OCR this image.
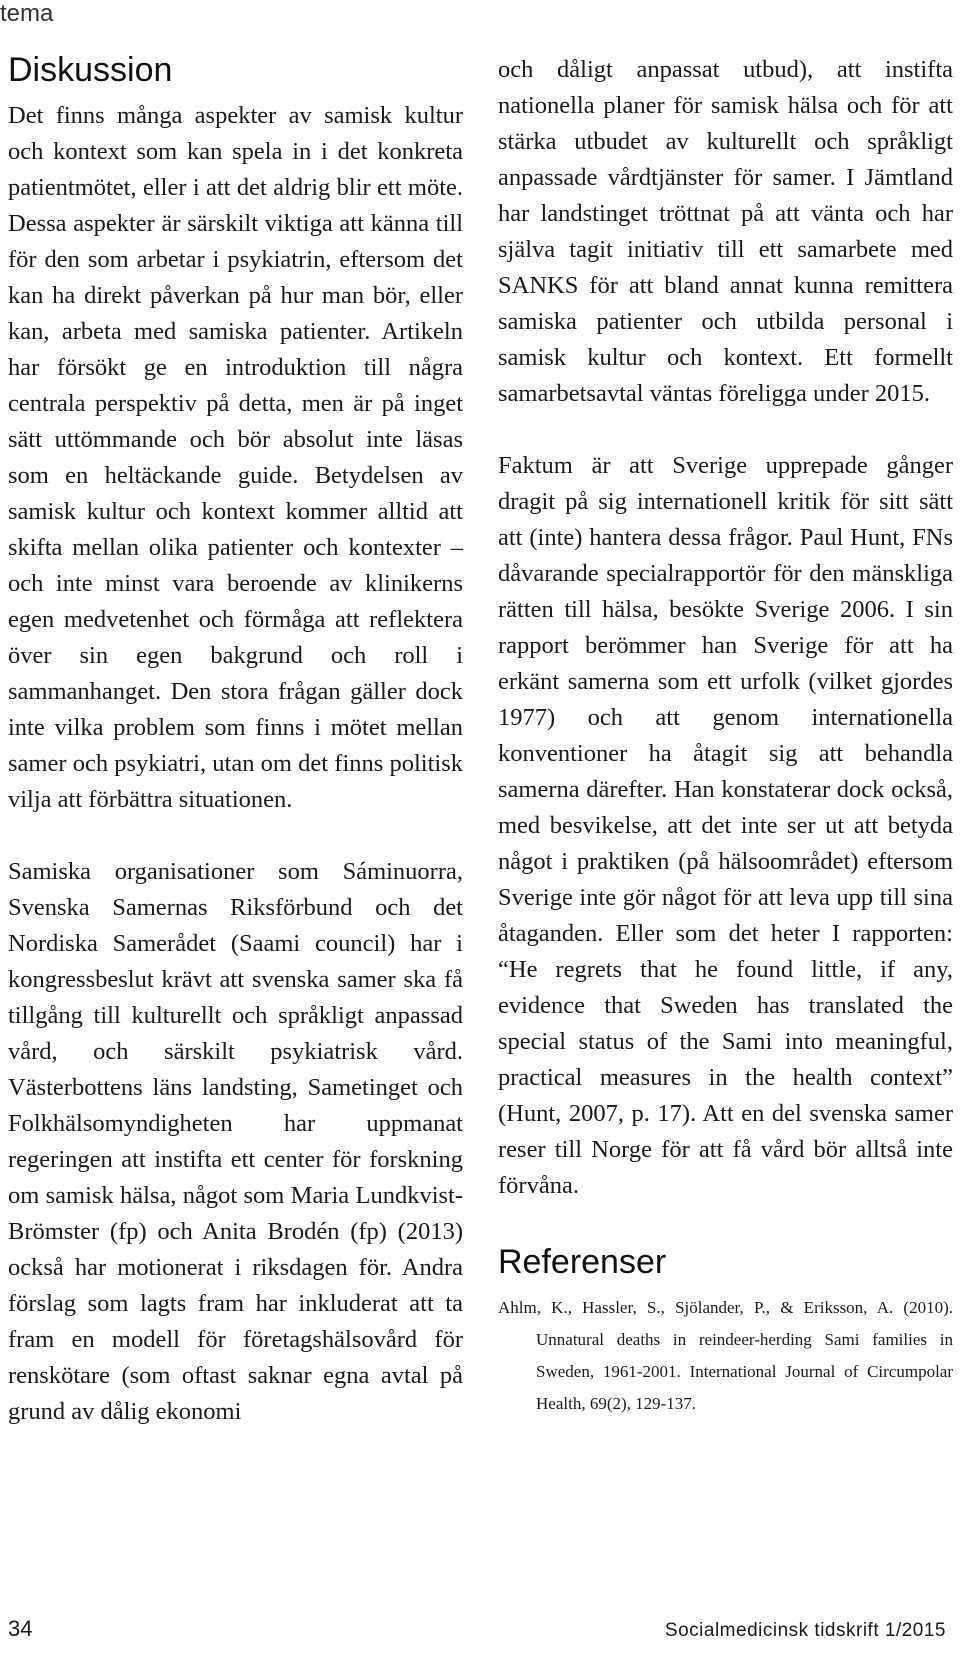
tema
Diskussion

Det finns många aspekter av samisk kultur och kontext som kan spela in i det konkreta patientmötet, eller i att det aldrig blir ett möte. Dessa aspekter är särskilt viktiga att känna till för den som arbetar i psykiatrin, eftersom det kan ha direkt påverkan på hur man bör, eller kan, arbeta med samiska patienter. Artikeln har försökt ge en introduktion till några centrala perspektiv på detta, men är på inget sätt uttömmande och bör absolut inte läsas som en heltäckande guide. Betydelsen av samisk kultur och kontext kommer alltid att skifta mellan olika patienter och kontexter – och inte minst vara beroende av klinikerns egen medvetenhet och förmåga att reflektera över sin egen bakgrund och roll i sammanhanget. Den stora frågan gäller dock inte vilka problem som finns i mötet mellan samer och psykiatri, utan om det finns politisk vilja att förbättra situationen.

Samiska organisationer som Sáminuorra, Svenska Samernas Riksförbund och det Nordiska Samerådet (Saami council) har i kongressbeslut krävt att svenska samer ska få tillgång till kulturellt och språkligt anpassad vård, och särskilt psykiatrisk vård. Västerbottens läns landsting, Sametinget och Folkhälsomyndigheten har uppmanat regeringen att instifta ett center för forskning om samisk hälsa, något som Maria Lundkvist-Brömster (fp) och Anita Brodén (fp) (2013) också har motionerat i riksdagen för. Andra förslag som lagts fram har inkluderat att ta fram en modell för företagshälsovård för renskötare (som oftast saknar egna avtal på grund av dålig ekonomi

och dåligt anpassat utbud), att instifta nationella planer för samisk hälsa och för att stärka utbudet av kulturellt och språkligt anpassade vårdtjänster för samer. I Jämtland har landstinget tröttnat på att vänta och har själva tagit initiativ till ett samarbete med SANKS för att bland annat kunna remittera samiska patienter och utbilda personal i samisk kultur och kontext. Ett formellt samarbetsavtal väntas föreligga under 2015.

Faktum är att Sverige upprepade gånger dragit på sig internationell kritik för sitt sätt att (inte) hantera dessa frågor. Paul Hunt, FNs dåvarande specialrapportör för den mänskliga rätten till hälsa, besökte Sverige 2006. I sin rapport berömmer han Sverige för att ha erkänt samerna som ett urfolk (vilket gjordes 1977) och att genom internationella konventioner ha åtagit sig att behandla samerna därefter. Han konstaterar dock också, med besvikelse, att det inte ser ut att betyda något i praktiken (på hälsoområdet) eftersom Sverige inte gör något för att leva upp till sina åtaganden. Eller som det heter I rapporten: “He regrets that he found little, if any, evidence that Sweden has translated the special status of the Sami into meaningful, practical measures in the health context” (Hunt, 2007, p. 17). Att en del svenska samer reser till Norge för att få vård bör alltså inte förvåna.

Referenser

Ahlm, K., Hassler, S., Sjölander, P., & Eriksson, A. (2010). Unnatural deaths in reindeer-herding Sami families in Sweden, 1961-2001. International Journal of Circumpolar Health, 69(2), 129-137.

34	Socialmedicinsk tidskrift 1/2015
